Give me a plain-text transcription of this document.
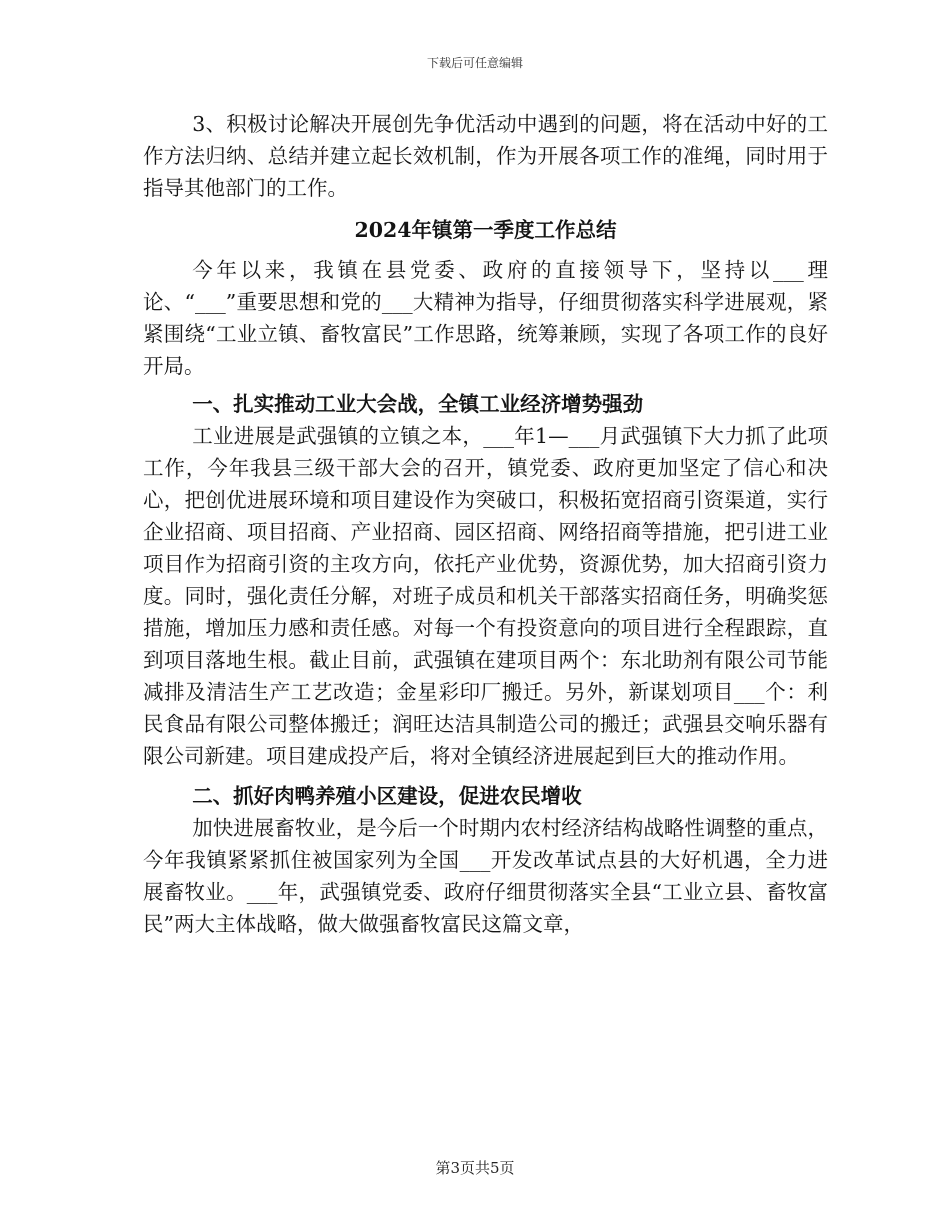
下载后可任意编辑

3、积极讨论解决开展创先争优活动中遇到的问题，将在活动中好的工作方法归纳、总结并建立起长效机制，作为开展各项工作的准绳，同时用于指导其他部门的工作。

2024年镇第一季度工作总结

今年以来，我镇在县党委、政府的直接领导下，坚持以___理论、“___”重要思想和党的___大精神为指导，仔细贯彻落实科学进展观，紧紧围绕“工业立镇、畜牧富民”工作思路，统筹兼顾，实现了各项工作的良好开局。

一、扎实推动工业大会战，全镇工业经济增势强劲

工业进展是武强镇的立镇之本，___年1—___月武强镇下大力抓了此项工作，今年我县三级干部大会的召开，镇党委、政府更加坚定了信心和决心，把创优进展环境和项目建设作为突破口，积极拓宽招商引资渠道，实行企业招商、项目招商、产业招商、园区招商、网络招商等措施，把引进工业项目作为招商引资的主攻方向，依托产业优势，资源优势，加大招商引资力度。同时，强化责任分解，对班子成员和机关干部落实招商任务，明确奖惩措施，增加压力感和责任感。对每一个有投资意向的项目进行全程跟踪，直到项目落地生根。截止目前，武强镇在建项目两个：东北助剂有限公司节能减排及清洁生产工艺改造；金星彩印厂搬迁。另外，新谋划项目___个：利民食品有限公司整体搬迁；润旺达洁具制造公司的搬迁；武强县交响乐器有限公司新建。项目建成投产后，将对全镇经济进展起到巨大的推动作用。

二、抓好肉鸭养殖小区建设，促进农民增收

加快进展畜牧业，是今后一个时期内农村经济结构战略性调整的重点，今年我镇紧紧抓住被国家列为全国___开发改革试点县的大好机遇，全力进展畜牧业。___年，武强镇党委、政府仔细贯彻落实全县“工业立县、畜牧富民”两大主体战略，做大做强畜牧富民这篇文章，

第3页共5页
